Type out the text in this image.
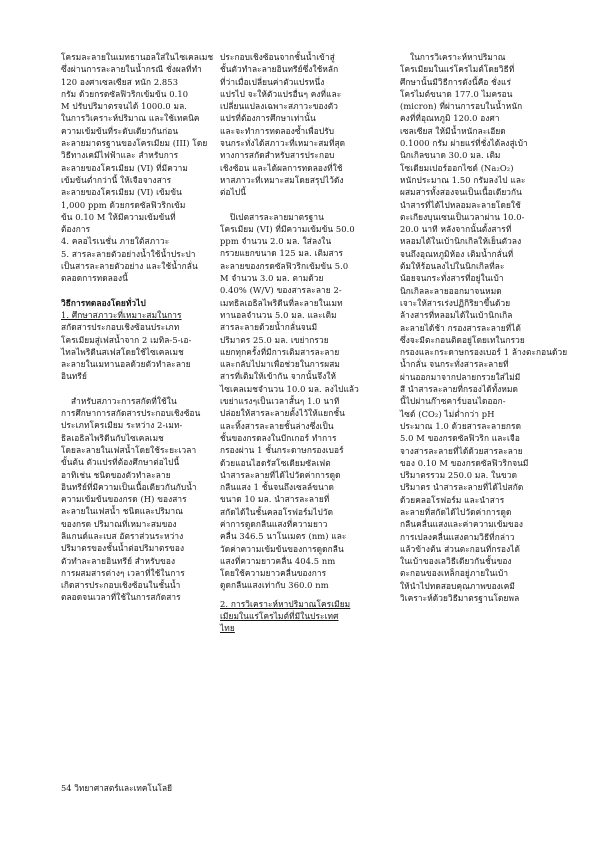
โครมละลายในเมทธานอลใส่ในไซเคลเมช

ซึ่งผ่านการละลายในน้ำกรณี ชั่งผลที่ทำ

120 องศาเซลเซียส หนัก 2.853

กรัม ด้วยกรดซัลฟิวริกเข้มข้น 0.10

M ปรับปริมาตรจนได้ 1000.0 มล.

ในการวิเคราะห์ปริมาณ และใช้เทคนิค

ความเข้มข้นที่ระดับเดียวกันก่อน

ละลายมาตรฐานของโครเมียม (III) โดย

วิธีทางเคมีไฟฟ้าและ สำหรับการ

ละลายของโครเมียม (VI) ที่มีความ

เข้มข้นต่ำกว่านี้ ให้เจือจางสาร

ละลายของโครเมียม (VI) เข้มข้น

1,000 ppm ด้วยกรดซัลฟิวริกเข้ม

ข้น 0.10 M ให้มีความเข้มข้นที่

ต้องการ

4. คลอไรเนชั่น ภายใต้สภาวะ

5. สารละลายตัวอย่างน้ำใช้น้ำประปา

เป็นสารละลายตัวอย่าง และใช้น้ำกลั่น

ตลอดการทดลองนี้

วิธีการทดลองโดยทั่วไป

1. ศึกษาสภาวะที่เหมาะสมในการ

สกัดสารประกอบเชิงซ้อนประเภท

โครเมียมสู่เฟสน้ำจาก 2 เมทิล-5-เอ-

ไทลไพริดีนสเฟสโดยใช้ไซเคลเมช

ละลายในเมทานอลด้วยตัวทำละลาย

อินทรีย์

สำหรับสภาวะการสกัดที่ใช้ใน

การศึกษาการสกัดสารประกอบเชิงซ้อน

ประเภทโครเมียม ระหว่าง 2-เมท-

ธิลเอธิลไพริดีนกับไซเคลเมช

โดยละลายในเฟสน้ำโดยใช้ระยะเวลา

ขั้นต้น ตัวแปรที่ต้องศึกษาต่อไปนี้

อาทิเช่น ชนิดของตัวทำละลาย

อินทรีย์ที่มีความเป็นเนื้อเดียวกันกับน้ำ

ความเข้มข้นของกรด (H) ของสาร

ละลายในเฟสน้ำ ชนิดและปริมาณ

ของกรด ปริมาณที่เหมาะสมของ

ลิแกนด์และเบส อัตราส่วนระหว่าง

ปริมาตรของชั้นน้ำต่อปริมาตรของ

ตัวทำละลายอินทรีย์ สำหรับของ

การผสมสารต่างๆ เวลาที่ใช้ในการ

เกิดสารประกอบเชิงซ้อนในชั้นน้ำ

ตลอดจนเวลาที่ใช้ในการสกัดสาร

ประกอบเชิงซ้อนจากชั้นน้ำเข้าสู่

ชั้นตัวทำละลายอินทรีย์ซึ่งใช้หลัก

ที่ว่าเมื่อเปลี่ยนค่าตัวแปรหนึ่ง

แปรไป จะให้ตัวแปรอื่นๆ คงที่และ

เปลี่ยนแปลงเฉพาะสภาวะของตัว

แปรที่ต้องการศึกษาเท่านั้น

และจะทำการทดลองซ้ำเพื่อปรับ

จนกระทั่งได้สภาวะที่เหมาะสมที่สุด

ทางการสกัดสำหรับสารประกอบ

เชิงซ้อน และได้ผลการทดลองที่ใช้

หาสภาวะที่เหมาะสมโดยสรุปไว้ดัง

ต่อไปนี้

ปิเปตสารละลายมาตรฐาน

โครเมียม (VI) ที่มีความเข้มข้น 50.0

ppm จำนวน 2.0 มล. ใส่ลงใน

กรวยแยกขนาด 125 มล. เติมสาร

ละลายของกรดซัลฟิวริกเข้มข้น 5.0

M จำนวน 3.0 มล. ตามด้วย

0.40% (W/V) ของสารละลาย 2-

เมทธิลเอธิลไพริดีนที่ละลายในเมท

ทานอลจำนวน 5.0 มล. และเติม

สารละลายด้วยน้ำกลั่นจนมี

ปริมาตร 25.0 มล. เขย่ากรวย

แยกทุกครั้งที่มีการเติมสารละลาย

และกลับไปมาเพื่อช่วยในการผสม

สารที่เติมให้เข้ากัน จากนั้นจึงให้

ไซเคลเมชจำนวน 10.0 มล. ลงไปแล้ว

เขย่าแรงๆเป็นเวลาสั้นๆ 1.0 นาที

ปล่อยให้สารละลายตั้งไว้ให้แยกชั้น

และทิ้งสารละลายชั้นล่างซึ่งเป็น

ชั้นของกรดลงในบีกเกอร์ ทำการ

กรองผ่าน 1 ชั้นกระดาษกรองเบอร์

ด้วยแอนไฮดรัสโซเดียมซัลเฟต

นำสารละลายที่ได้ไปวัดค่าการดูด

กลืนแสง 1 ชั้นจนถึงเซลล์ขนาด

ขนาด 10 มล. นำสารละลายที่

สกัดได้ในชั้นคลอโรฟอร์มไปวัด

ค่าการดูดกลืนแสงที่ความยาว

คลื่น 346.5 นาโนเมตร (nm) และ

วัดค่าความเข้มข้นของการดูดกลืน

แสงที่ความยาวคลื่น 404.5 nm

โดยใช้ความยาวคลื่นของการ

ดูดกลืนแสงเท่ากับ 360.0 nm

2. การวิเคราะห์หาปริมาณโครเมียม

เมียมในแร่โครไมต์ที่มีในประเทศ

ไทย

ในการวิเคราะห์หาปริมาณ

โครเมียมในแร่โครไมต์โดยวิธีที่

ศึกษานั้นมีวิธีการดังนี้คือ ชั่งแร่

โครไมต์ขนาด 177.0 ไมครอน

(micron) ที่ผ่านการอบในน้ำหนัก

คงที่ที่อุณหภูมิ 120.0 องศา

เซลเซียส ให้มีน้ำหนักละเอียด

0.1000 กรัม ผ่ายแร่ที่ชั่งได้ลงสู่เบ้า

นิกเกิลขนาด 30.0 มล. เติม

โซเดียมเปอร์ออกไซด์ (Na₂O₂)

หนักประมาณ 1.50 กรัมลงไป และ

ผสมสารทั้งสองจนเป็นเนื้อเดียวกัน

นำสารที่ได้ไปหลอมละลายโดยใช้

ตะเกียงบุนเซนเป็นเวลาผ่าน 10.0-

20.0 นาที หลังจากนั้นตั้งสารที่

หลอมได้ในเบ้านิกเกิลให้เย็นตัวลง

จนถึงอุณหภูมิห้อง เติมน้ำกลั่นที่

ต้มให้ร้อนลงไปในนิกเกิลที่ละ

น้อยจนกระทั่งสารที่อยู่ในเบ้า

นิกเกิลละลายออกมาจนหมด

เจาะให้สารเร่งปฏิกิริยาขึ้นด้วย

ล้างสารที่หลอมได้ในเบ้านิกเกิล

ละลายได้ช้า กรองสารละลายที่ได้

ซึ่งจะมีตะกอนติดอยู่โดยเทในกรวย

กรองและกระดาษกรองเบอร์ 1 ล้างตะกอนด้วย

น้ำกลั่น จนกระทั่งสารละลายที่

ผ่านออกมาจากปลายกรวยใส่ไม่มี

สี นำสารละลายที่กรองได้ทั้งหมด

นี้ไปผ่านก๊าซคาร์บอนไดออก-

ไซด์ (CO₂) ไม่ต่ำกว่า pH

ประมาณ 1.0 ด้วยสารละลายกรด

5.0 M ของกรดซัลฟิวริก และเจือ

จางสารละลายที่ได้ด้วยสารละลาย

ของ 0.10 M ของกรดซัลฟิวริกจนมี

ปริมาตรรวม 250.0 มล. ในขวด

ปริมาตร นำสารละลายที่ได้ไปสกัด

ด้วยคลอโรฟอร์ม และนำสาร

ละลายที่สกัดได้ไปวัดค่าการดูด

กลืนคลื่นแสงและค่าความเข้มของ

การเปลงคลื่นแสงตามวิธีที่กล่าว

แล้วข้างต้น ส่วนตะกอนที่กรองได้

ในเบ้าของเลวิธีเดียวกันชั้นของ

ตะกอนของเหล็กอยู่ภายในเบ้า

ให้นำไปทดสอบคุณภาพของเคมี

วิเคราะห์ด้วยวิธีมาตรฐานโดยพล

54 วิทยาศาสตร์และเทคโนโลยี
